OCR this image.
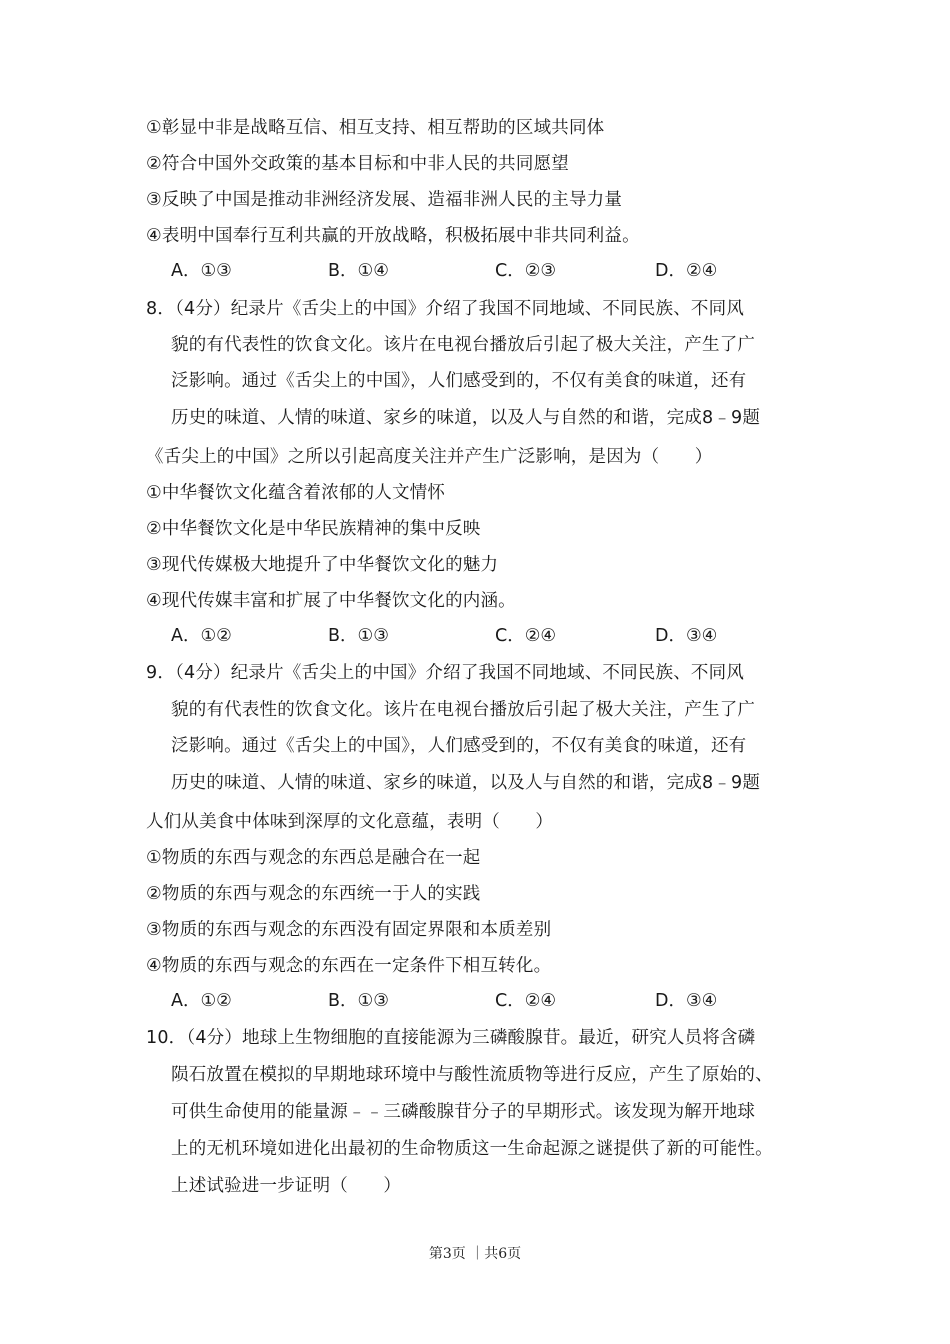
①彰显中非是战略互信、相互支持、相互帮助的区域共同体
②符合中国外交政策的基本目标和中非人民的共同愿望
③反映了中国是推动非洲经济发展、造福非洲人民的主导力量
④表明中国奉行互利共赢的开放战略，积极拓展中非共同利益。
A．①③	B．①④	C．②③	D．②④
8．（4分）纪录片《舌尖上的中国》介绍了我国不同地域、不同民族、不同风
貌的有代表性的饮食文化。该片在电视台播放后引起了极大关注，产生了广
泛影响。通过《舌尖上的中国》，人们感受到的，不仅有美食的味道，还有
历史的味道、人情的味道、家乡的味道，以及人与自然的和谐，完成8﹣9题
《舌尖上的中国》之所以引起高度关注并产生广泛影响，是因为（　　）
①中华餐饮文化蕴含着浓郁的人文情怀
②中华餐饮文化是中华民族精神的集中反映
③现代传媒极大地提升了中华餐饮文化的魅力
④现代传媒丰富和扩展了中华餐饮文化的内涵。
A．①②	B．①③	C．②④	D．③④
9．（4分）纪录片《舌尖上的中国》介绍了我国不同地域、不同民族、不同风
貌的有代表性的饮食文化。该片在电视台播放后引起了极大关注，产生了广
泛影响。通过《舌尖上的中国》，人们感受到的，不仅有美食的味道，还有
历史的味道、人情的味道、家乡的味道，以及人与自然的和谐，完成8﹣9题
人们从美食中体味到深厚的文化意蕴，表明（　　）
①物质的东西与观念的东西总是融合在一起
②物质的东西与观念的东西统一于人的实践
③物质的东西与观念的东西没有固定界限和本质差别
④物质的东西与观念的东西在一定条件下相互转化。
A．①②	B．①③	C．②④	D．③④
10．（4分）地球上生物细胞的直接能源为三磷酸腺苷。最近，研究人员将含磷
陨石放置在模拟的早期地球环境中与酸性流质物等进行反应，产生了原始的、
可供生命使用的能量源﹣﹣三磷酸腺苷分子的早期形式。该发现为解开地球
上的无机环境如进化出最初的生命物质这一生命起源之谜提供了新的可能性。
上述试验进一步证明（　　）
第3页 ｜共6页
